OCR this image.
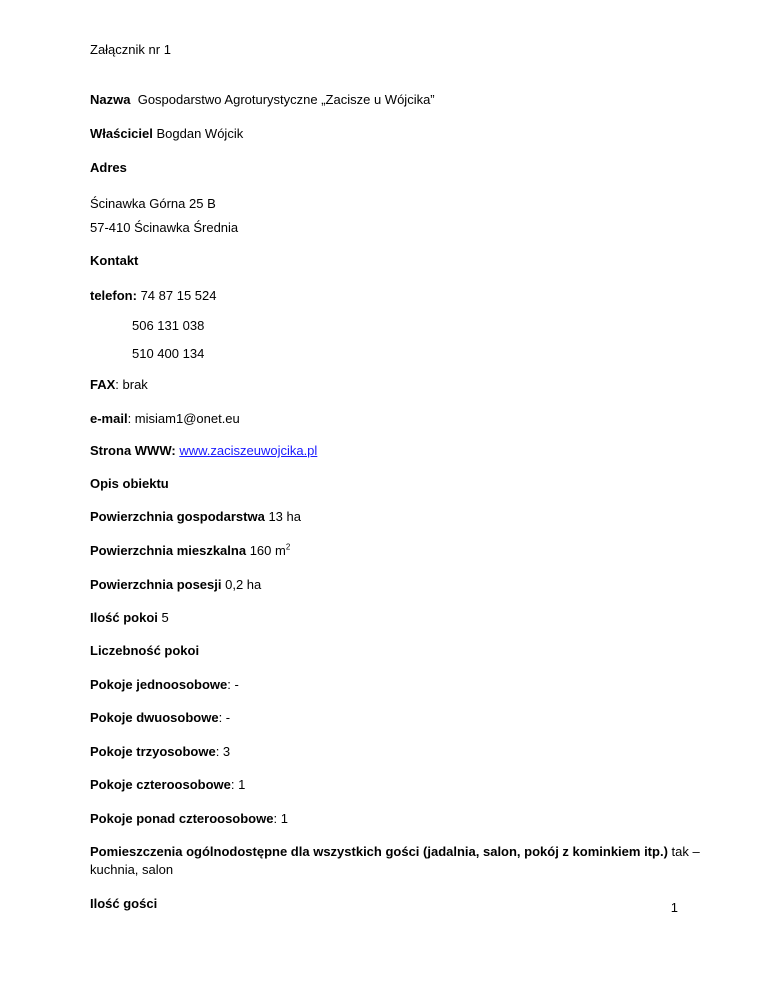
Załącznik nr 1
Nazwa Gospodarstwo Agroturystyczne „Zacisze u Wójcika”
Właściciel Bogdan Wójcik
Adres
Ścinawka Górna 25 B
57-410 Ścinawka Średnia
Kontakt
telefon: 74 87 15 524
506 131 038
510 400 134
FAX: brak
e-mail: misiam1@onet.eu
Strona WWW: www.zaciszeuwojcika.pl
Opis obiektu
Powierzchnia gospodarstwa 13 ha
Powierzchnia mieszkalna 160 $m^2$
Powierzchnia posesji 0,2 ha
Ilość pokoi 5
Liczebność pokoi
Pokoje jednoosobowe: -
Pokoje dwuosobowe: -
Pokoje trzyosobowe: 3
Pokoje czteroosobowe: 1
Pokoje ponad czteroosobowe: 1
Pomieszczenia ogólnodostępne dla wszystkich gości (jadalnia, salon, pokój z kominkiem itp.) tak –
kuchnia, salon
Ilość gości	1
